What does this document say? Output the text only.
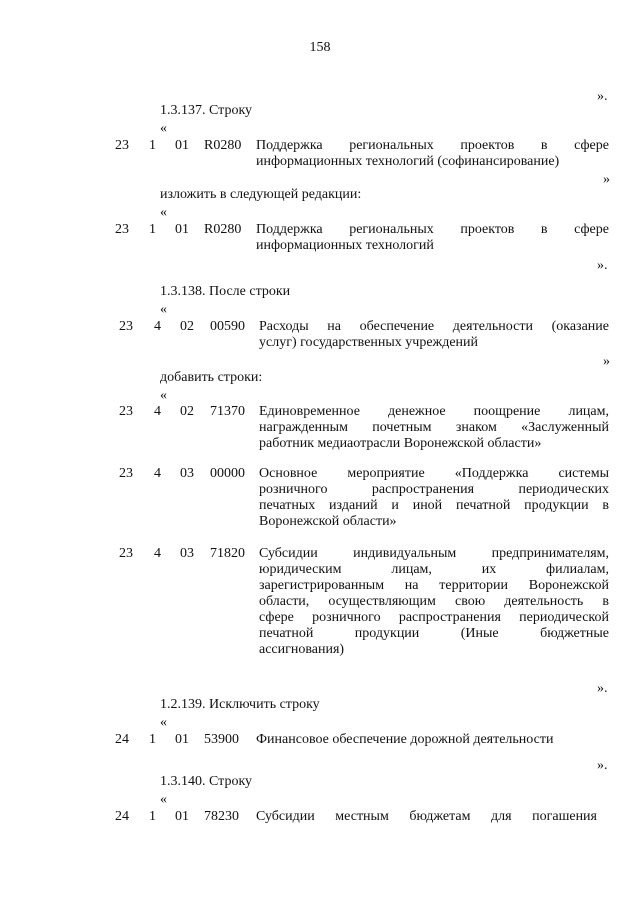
158
».
1.3.137. Строку
«
23 1 01 R0280 Поддержка региональных проектов в сфере
информационных технологий (софинансирование)
»
изложить в следующей редакции:
«
23 1 01 R0280 Поддержка региональных проектов в сфере
информационных технологий
».
1.3.138. После строки
«
23 4 02 00590 Расходы на обеспечение деятельности (оказание
услуг) государственных учреждений
»
добавить строки:
«
23 4 02 71370 Единовременное денежное поощрение лицам,
награжденным почетным знаком «Заслуженный
работник медиаотрасли Воронежской области»
23 4 03 00000 Основное мероприятие «Поддержка системы
розничного распространения периодических
печатных изданий и иной печатной продукции в
Воронежской области»
23 4 03 71820 Субсидии индивидуальным предпринимателям,
юридическим лицам, их филиалам,
зарегистрированным на территории Воронежской
области, осуществляющим свою деятельность в
сфере розничного распространения периодической
печатной продукции (Иные бюджетные
ассигнования)
».
1.2.139. Исключить строку
«
24 1 01 53900 Финансовое обеспечение дорожной деятельности
».
1.3.140. Строку
«
24 1 01 78230 Субсидии местным бюджетам для погашения
